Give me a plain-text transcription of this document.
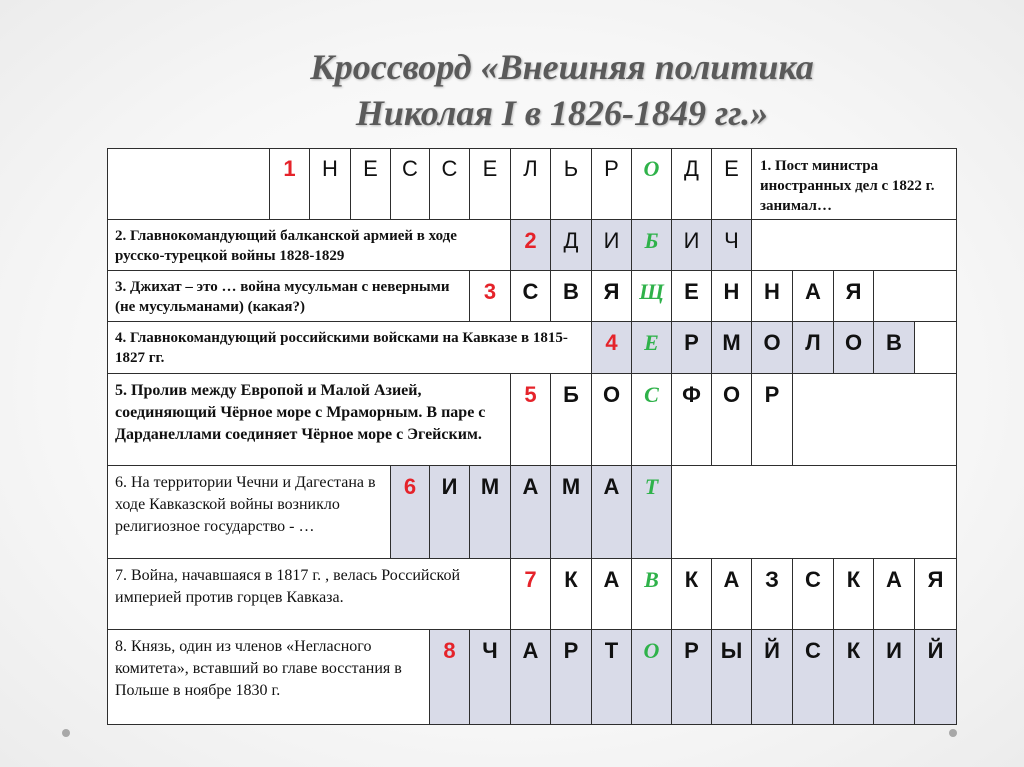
Кроссворд «Внешняя политика
Николая I в 1826-1849 гг.»
1	Н	Е	С	С	Е	Л	Ь	Р	О	Д	Е	1. Пост министра иностранных дел с 1822 г. занимал…
2. Главнокомандующий балканской армией в ходе русско-турецкой войны 1828-1829
2	Д	И	Б	И	Ч
3. Джихат – это … война мусульман с неверными (не мусульманами) (какая?)
3	С	В	Я Щ Е	Н	Н	А	Я
4. Главнокомандующий российскими войсками на Кавказе в 1815-1827 гг.
4	Е	Р	М	О	Л	О	В
5. Пролив между Европой и Малой Азией, соединяющий Чёрное море с Мраморным. В паре с Дарданеллами соединяет Чёрное море с Эгейским.
5	Б	О	С	Ф	О	Р
6. На территории Чечни и Дагестана в ходе Кавказской войны возникло религиозное государство - …
6	И	М	А	М	А	Т
7. Война, начавшаяся в 1817 г. , велась Российской империей против горцев Кавказа.
7	К	А	В	К	А	З	С	К	А	Я
8. Князь, один из членов «Негласного комитета», вставший во главе восстания в Польше в ноябре 1830 г.
8	Ч	А	Р	Т	О	Р Ы Й	С	К	И	Й
